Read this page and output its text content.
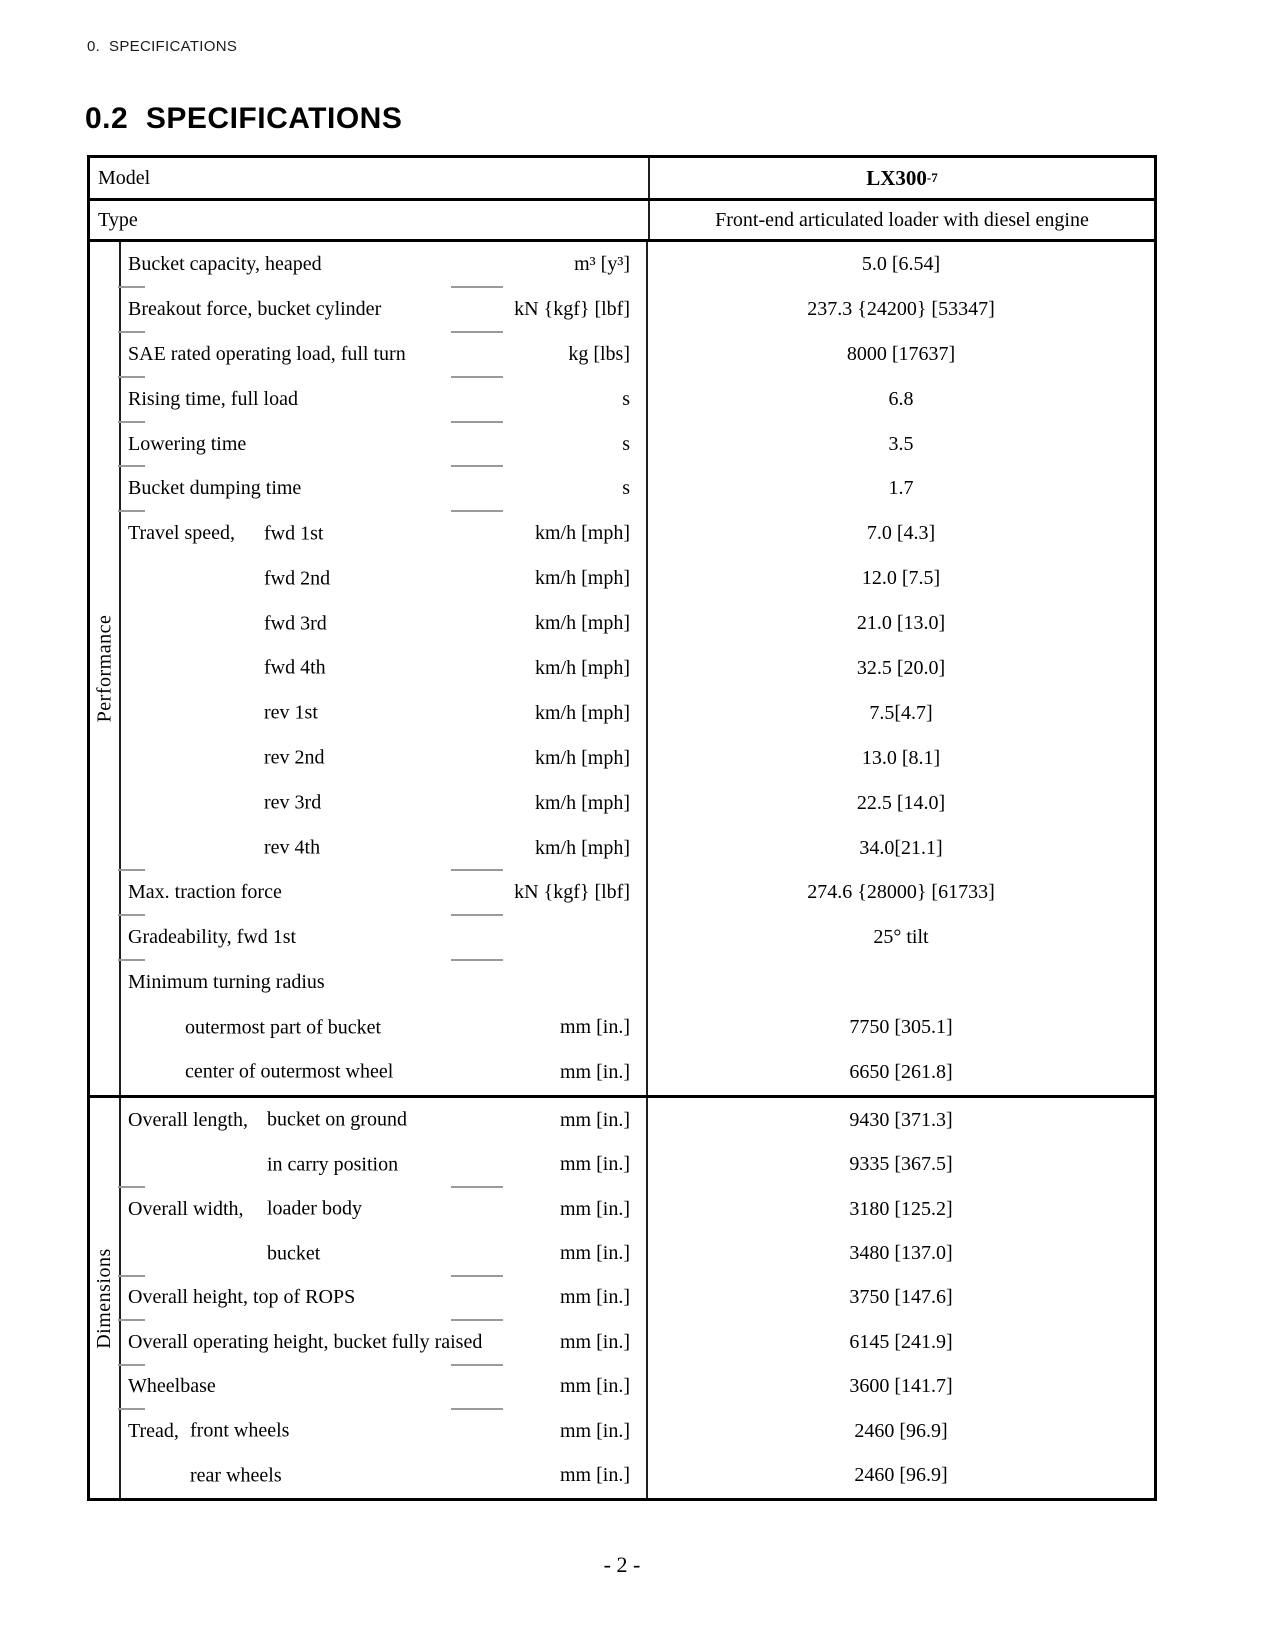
0.  SPECIFICATIONS
0.2  SPECIFICATIONS
Model	LX300 -7
Type	Front-end articulated loader with diesel engine
Performance
Bucket capacity, heaped	m³ [y³]	5.0 [6.54]
Breakout force, bucket cylinder	kN {kgf} [lbf]	237.3 {24200} [53347]
SAE rated operating load, full turn	kg [lbs]	8000 [17637]
Rising time, full load	s	6.8
Lowering time	s	3.5
Bucket dumping time	s	1.7
Travel speed, fwd 1st	km/h [mph]	7.0 [4.3]
fwd 2nd	km/h [mph]	12.0 [7.5]
fwd 3rd	km/h [mph]	21.0 [13.0]
fwd 4th	km/h [mph]	32.5 [20.0]
rev 1st	km/h [mph]	7.5[4.7]
rev 2nd	km/h [mph]	13.0 [8.1]
rev 3rd	km/h [mph]	22.5 [14.0]
rev 4th	km/h [mph]	34.0[21.1]
Max. traction force	kN {kgf} [lbf]	274.6 {28000} [61733]
Gradeability, fwd 1st	25° tilt
Minimum turning radius
outermost part of bucket	mm [in.]	7750 [305.1]
center of outermost wheel	mm [in.]	6650 [261.8]
Dimensions
Overall length, bucket on ground	mm [in.]	9430 [371.3]
in carry position	mm [in.]	9335 [367.5]
Overall width, loader body	mm [in.]	3180 [125.2]
bucket	mm [in.]	3480 [137.0]
Overall height, top of ROPS	mm [in.]	3750 [147.6]
Overall operating height, bucket fully raised	mm [in.]	6145 [241.9]
Wheelbase	mm [in.]	3600 [141.7]
Tread, front wheels	mm [in.]	2460 [96.9]
rear wheels	mm [in.]	2460 [96.9]
- 2 -
